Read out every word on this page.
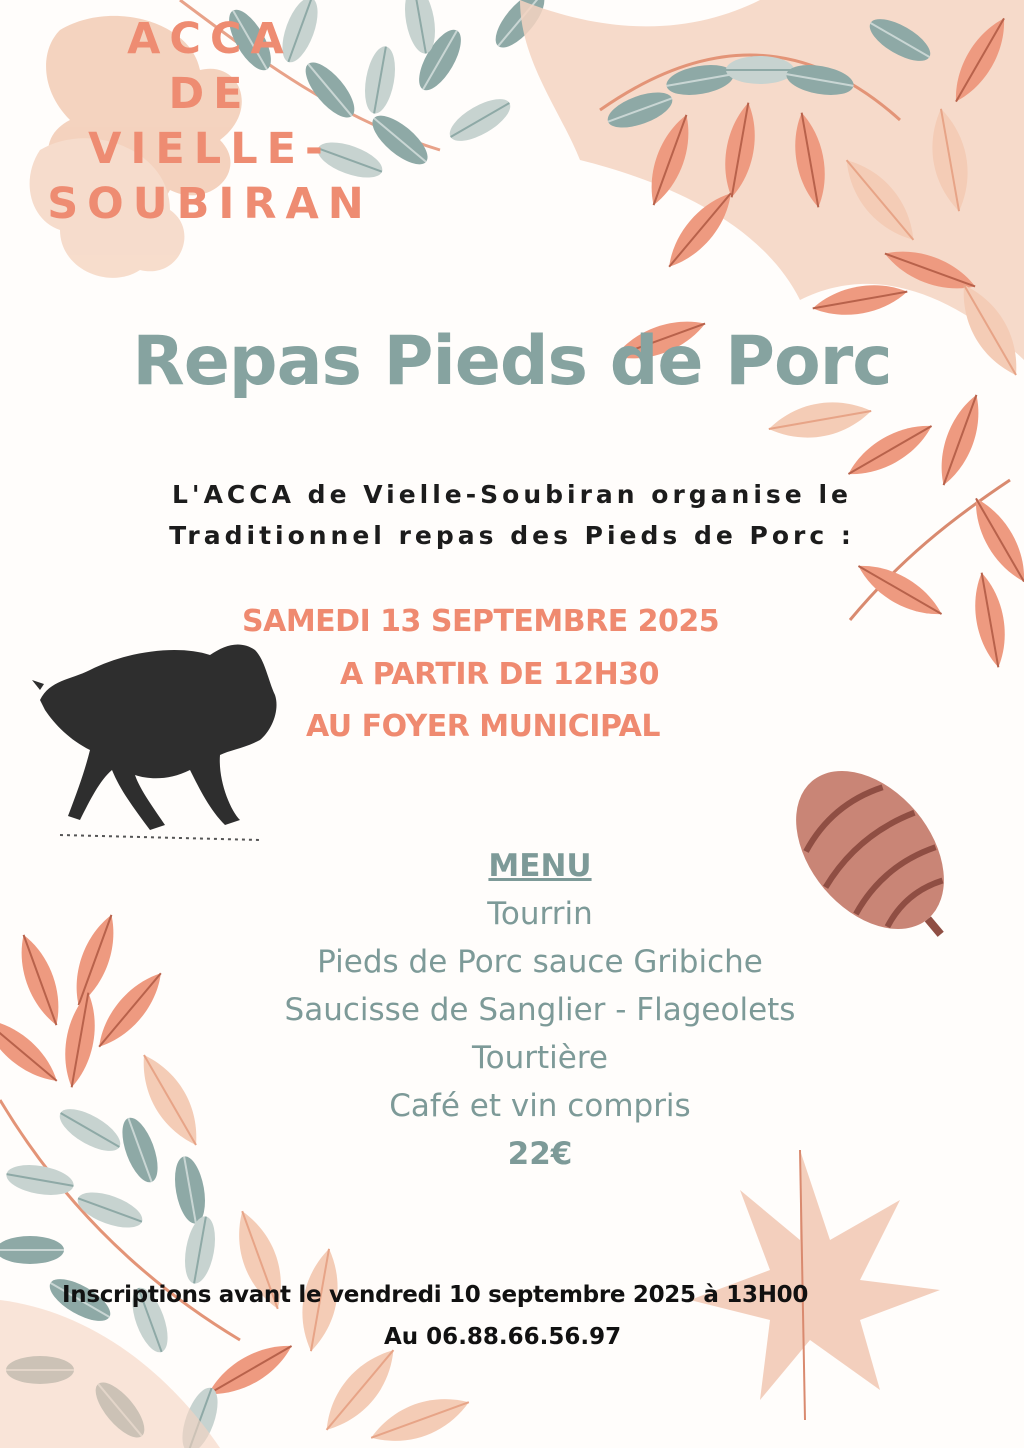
ACCA
DE
VIELLE-
SOUBIRAN
Repas Pieds de Porc
L'ACCA de Vielle-Soubiran organise le
Traditionnel repas des Pieds de Porc :
SAMEDI 13 SEPTEMBRE 2025
A PARTIR DE 12H30
AU FOYER MUNICIPAL
MENU
Tourrin
Pieds de Porc sauce Gribiche
Saucisse de Sanglier - Flageolets
Tourtière
Café et vin compris
22€
Inscriptions avant le vendredi 10 septembre 2025 à 13H00
Au 06.88.66.56.97
